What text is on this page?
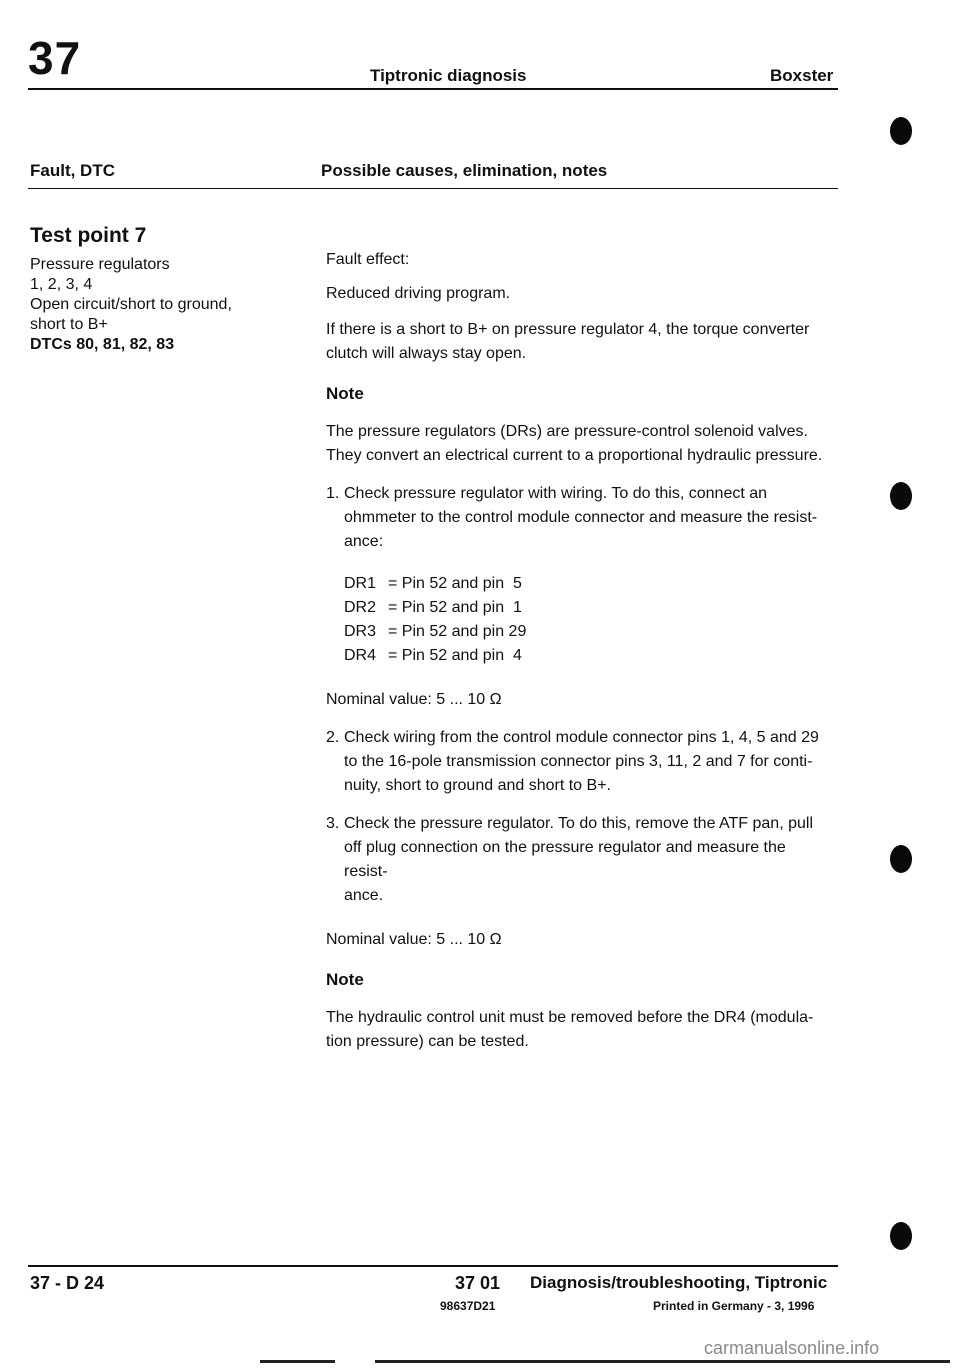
37	Tiptronic diagnosis	Boxster
Fault, DTC	Possible causes, elimination, notes
Test point 7
Pressure regulators
1, 2, 3, 4
Open circuit/short to ground,
short to B+
DTCs 80, 81, 82, 83

Fault effect:

Reduced driving program.

If there is a short to B+ on pressure regulator 4, the torque converter

clutch will always stay open.

Note

The pressure regulators (DRs) are pressure-control solenoid valves.

They convert an electrical current to a proportional hydraulic pressure.

1. Check pressure regulator with wiring. To do this, connect an

ohmmeter to the control module connector and measure the resist-

ance:

DR1 = Pin 52 and pin  5
DR2 = Pin 52 and pin  1
DR3 = Pin 52 and pin 29
DR4 = Pin 52 and pin  4

Nominal value: 5 ... 10 Ω

2. Check wiring from the control module connector pins 1, 4, 5 and 29

to the 16-pole transmission connector pins 3, 11, 2 and 7 for conti-

nuity, short to ground and short to B+.

3. Check the pressure regulator. To do this, remove the ATF pan, pull

off plug connection on the pressure regulator and measure the resist-

ance.

Nominal value: 5 ... 10 Ω

Note

The hydraulic control unit must be removed before the DR4 (modula-

tion pressure) can be tested.

37 - D 24	37 01 Diagnosis/troubleshooting, Tiptronic
98637D21	Printed in Germany - 3, 1996
carmanualsonline.info
